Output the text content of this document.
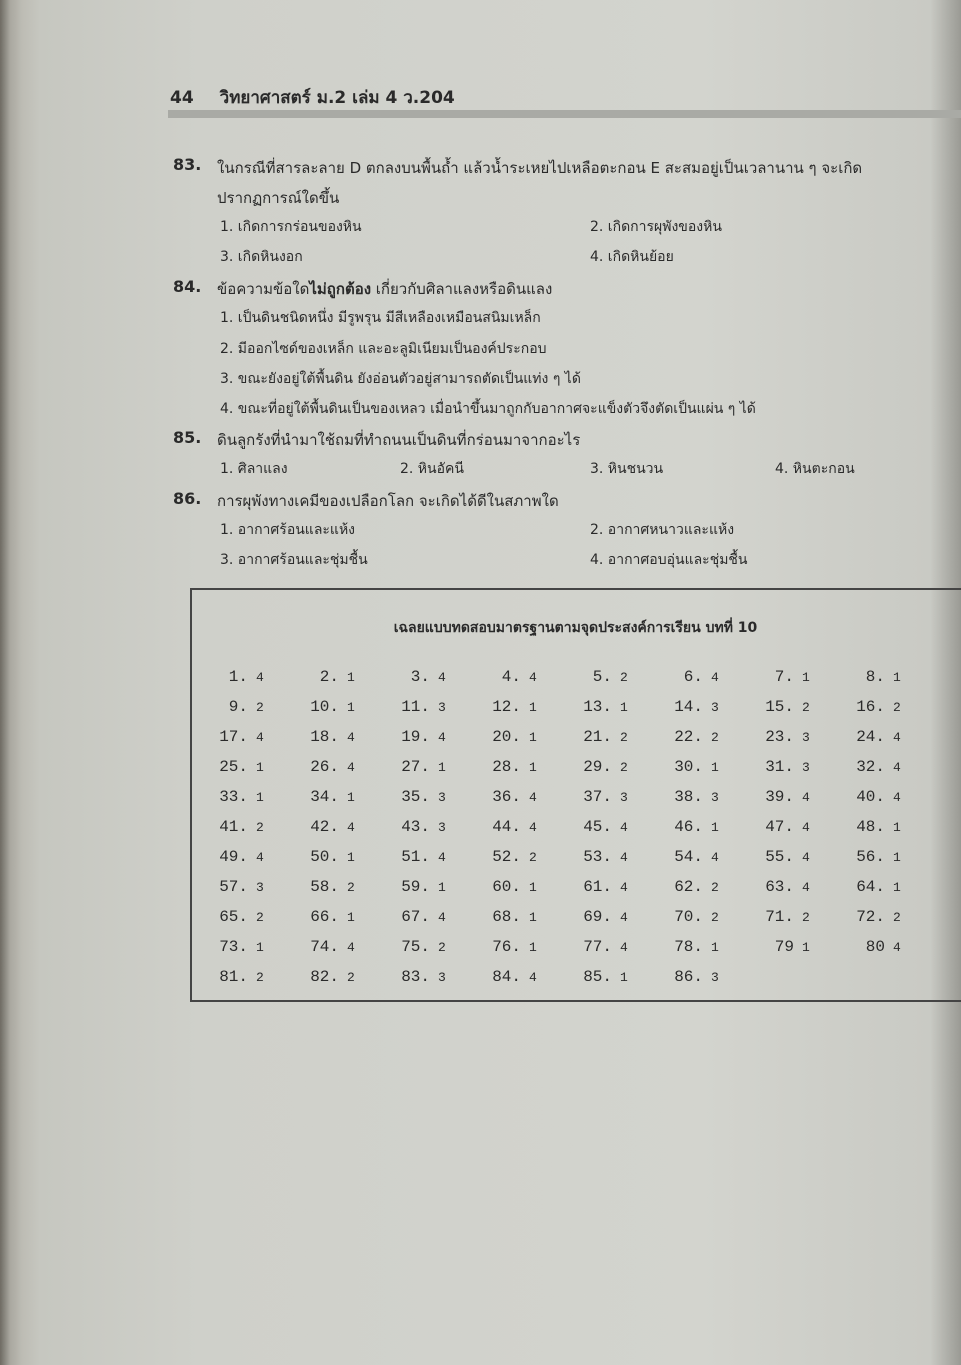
44 วิทยาศาสตร์ ม.2 เล่ม 4 ว.204
83. ในกรณีที่สารละลาย D ตกลงบนพื้นถ้ำ แล้วน้ำระเหยไปเหลือตะกอน E สะสมอยู่เป็นเวลานาน ๆ จะเกิด
ปรากฏการณ์ใดขึ้น
1. เกิดการกร่อนของหิน	2. เกิดการผุพังของหิน
3. เกิดหินงอก	4. เกิดหินย้อย
84. ข้อความข้อใดไม่ถูกต้อง เกี่ยวกับศิลาแลงหรือดินแลง
1. เป็นดินชนิดหนึ่ง มีรูพรุน มีสีเหลืองเหมือนสนิมเหล็ก
2. มีออกไซด์ของเหล็ก และอะลูมิเนียมเป็นองค์ประกอบ
3. ขณะยังอยู่ใต้พื้นดิน ยังอ่อนตัวอยู่สามารถตัดเป็นแท่ง ๆ ได้
4. ขณะที่อยู่ใต้พื้นดินเป็นของเหลว เมื่อนำขึ้นมาถูกกับอากาศจะแข็งตัวจึงตัดเป็นแผ่น ๆ ได้
85. ดินลูกรังที่นำมาใช้ถมที่ทำถนนเป็นดินที่กร่อนมาจากอะไร
1. ศิลาแลง	2. หินอัคนี	3. หินชนวน	4. หินตะกอน
86. การผุพังทางเคมีของเปลือกโลก จะเกิดได้ดีในสภาพใด
1. อากาศร้อนและแห้ง	2. อากาศหนาวและแห้ง
3. อากาศร้อนและชุ่มชื้น	4. อากาศอบอุ่นและชุ่มชื้น
เฉลยแบบทดสอบมาตรฐานตามจุดประสงค์การเรียน บทที่ 10
1. 4	2. 1	3. 4	4. 4	5. 2	6. 4	7. 1	8. 1
9. 2	10. 1	11. 3	12. 1	13. 1	14. 3	15. 2	16. 2
17. 4	18. 4	19. 4	20. 1	21. 2	22. 2	23. 3	24. 4
25. 1	26. 4	27. 1	28. 1	29. 2	30. 1	31. 3	32. 4
33. 1	34. 1	35. 3	36. 4	37. 3	38. 3	39. 4	40. 4
41. 2	42. 4	43. 3	44. 4	45. 4	46. 1	47. 4	48. 1
49. 4	50. 1	51. 4	52. 2	53. 4	54. 4	55. 4	56. 1
57. 3	58. 2	59. 1	60. 1	61. 4	62. 2	63. 4	64. 1
65. 2	66. 1	67. 4	68. 1	69. 4	70. 2	71. 2	72. 2
73. 1	74. 4	75. 2	76. 1	77. 4	78. 1	79 1	80 4
81. 2	82. 2	83. 3	84. 4	85. 1	86. 3
